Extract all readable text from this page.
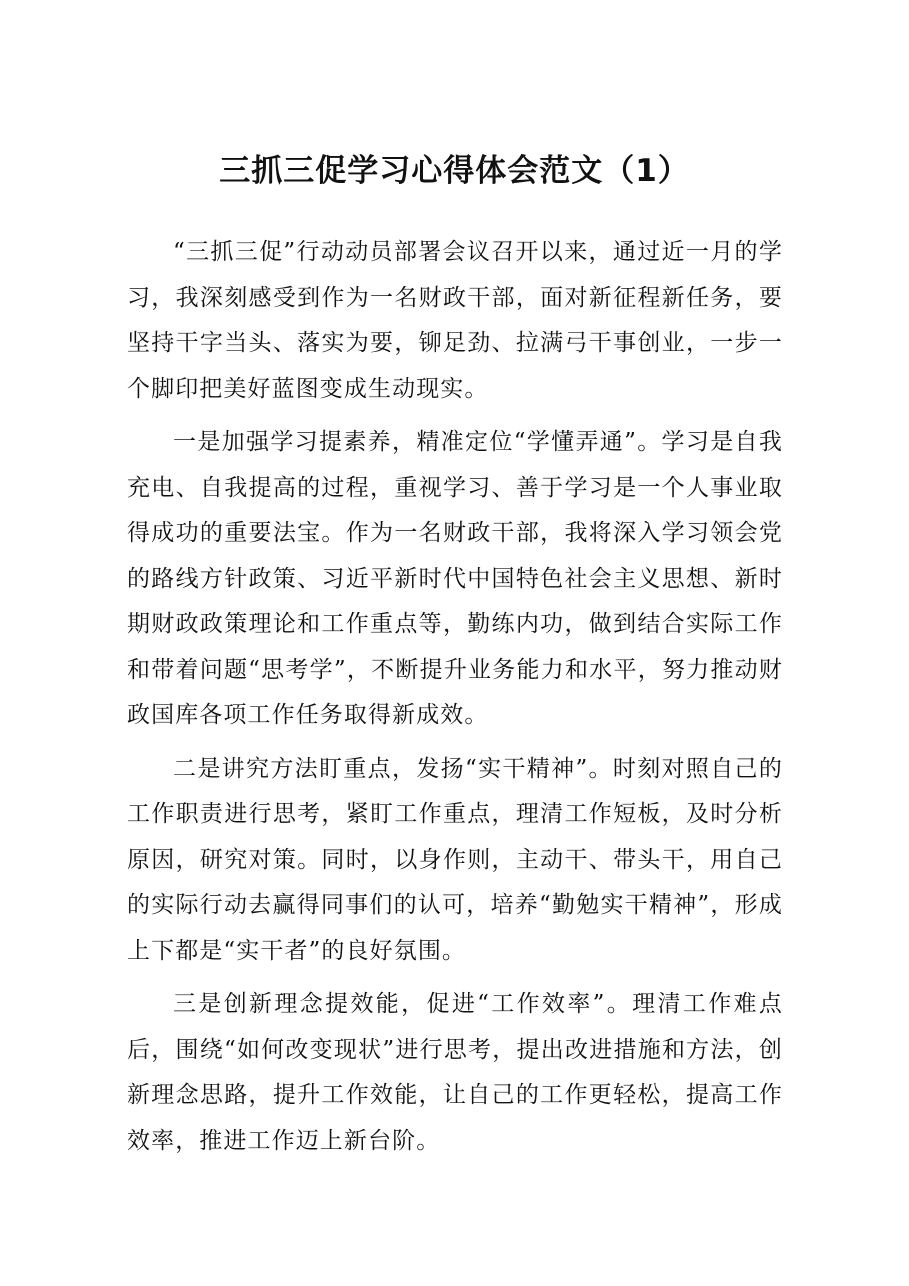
三抓三促学习心得体会范文（1）

“三抓三促”行动动员部署会议召开以来，通过近一月的学习，我深刻感受到作为一名财政干部，面对新征程新任务，要坚持干字当头、落实为要，铆足劲、拉满弓干事创业，一步一个脚印把美好蓝图变成生动现实。

一是加强学习提素养，精准定位“学懂弄通”。学习是自我充电、自我提高的过程，重视学习、善于学习是一个人事业取得成功的重要法宝。作为一名财政干部，我将深入学习领会党的路线方针政策、习近平新时代中国特色社会主义思想、新时期财政政策理论和工作重点等，勤练内功，做到结合实际工作和带着问题“思考学”，不断提升业务能力和水平，努力推动财政国库各项工作任务取得新成效。

二是讲究方法盯重点，发扬“实干精神”。时刻对照自己的工作职责进行思考，紧盯工作重点，理清工作短板，及时分析原因，研究对策。同时，以身作则，主动干、带头干，用自己的实际行动去赢得同事们的认可，培养“勤勉实干精神”，形成上下都是“实干者”的良好氛围。

三是创新理念提效能，促进“工作效率”。理清工作难点后，围绕“如何改变现状”进行思考，提出改进措施和方法，创新理念思路，提升工作效能，让自己的工作更轻松，提高工作效率，推进工作迈上新台阶。
